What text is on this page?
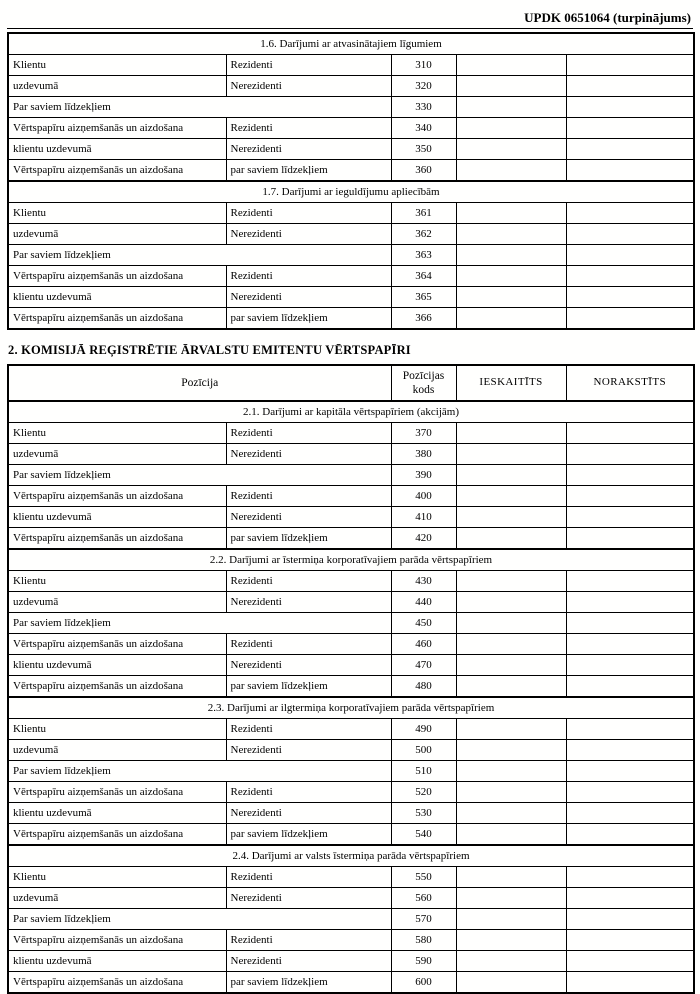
UPDK 0651064 (turpinājums)
1.6. Darījumi ar atvasinātajiem līgumiem				
Klientu	Rezidenti	310		
uzdevumā	Nerezidenti	320		
Par saviem līdzekļiem		330		
Vērtspapīru aizņemšanās un aizdošana	Rezidenti	340		
klientu uzdevumā	Nerezidenti	350		
Vērtspapīru aizņemšanās un aizdošana	par saviem līdzekļiem	360		
1.7. Darījumi ar ieguldījumu apliecībām				
Klientu	Rezidenti	361		
uzdevumā	Nerezidenti	362		
Par saviem līdzekļiem		363		
Vērtspapīru aizņemšanās un aizdošana	Rezidenti	364		
klientu uzdevumā	Nerezidenti	365		
Vērtspapīru aizņemšanās un aizdošana	par saviem līdzekļiem	366		
2. KOMISIJĀ REĢISTRĒTIE ĀRVALSTU EMITENTU VĒRTSPAPĪRI
Pozīcija		Pozīcijas kods	IESKAITĪTS	NORAKSTĪTS
2.1. Darījumi ar kapitāla vērtspapīriem (akcijām)				
Klientu	Rezidenti	370		
uzdevumā	Nerezidenti	380		
Par saviem līdzekļiem		390		
Vērtspapīru aizņemšanās un aizdošana	Rezidenti	400		
klientu uzdevumā	Nerezidenti	410		
Vērtspapīru aizņemšanās un aizdošana	par saviem līdzekļiem	420		
2.2. Darījumi ar īstermiņa korporatīvajiem parāda vērtspapīriem				
Klientu	Rezidenti	430		
uzdevumā	Nerezidenti	440		
Par saviem līdzekļiem		450		
Vērtspapīru aizņemšanās un aizdošana	Rezidenti	460		
klientu uzdevumā	Nerezidenti	470		
Vērtspapīru aizņemšanās un aizdošana	par saviem līdzekļiem	480		
2.3. Darījumi ar ilgtermiņa korporatīvajiem parāda vērtspapīriem				
Klientu	Rezidenti	490		
uzdevumā	Nerezidenti	500		
Par saviem līdzekļiem		510		
Vērtspapīru aizņemšanās un aizdošana	Rezidenti	520		
klientu uzdevumā	Nerezidenti	530		
Vērtspapīru aizņemšanās un aizdošana	par saviem līdzekļiem	540		
2.4. Darījumi ar valsts īstermiņa parāda vērtspapīriem				
Klientu	Rezidenti	550		
uzdevumā	Nerezidenti	560		
Par saviem līdzekļiem		570		
Vērtspapīru aizņemšanās un aizdošana	Rezidenti	580		
klientu uzdevumā	Nerezidenti	590		
Vērtspapīru aizņemšanās un aizdošana	par saviem līdzekļiem	600		
